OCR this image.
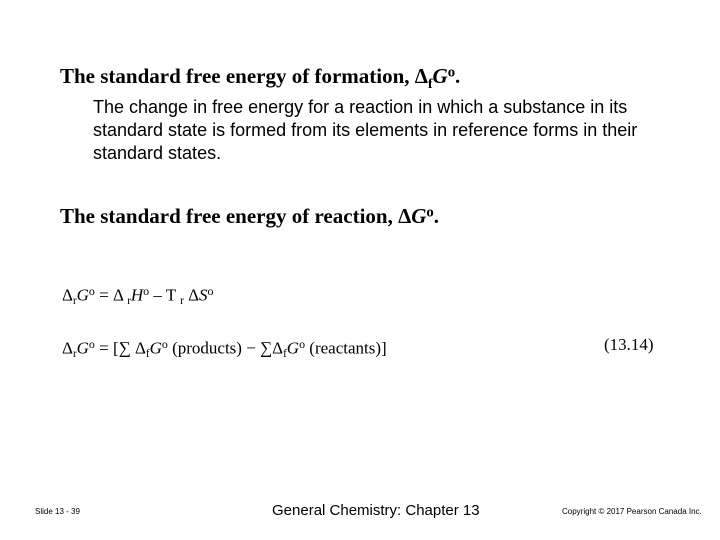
The standard free energy of formation, $\Delta_fG^o$.
The change in free energy for a reaction in which a substance in its standard state is formed from its elements in reference forms in their standard states.
The standard free energy of reaction, $\Delta G^o$.
$\Delta_rG^o = \Delta$ $_rH^o$ – T $_r$ $\Delta S^o$
$\Delta_rG^o$ = [∑ $\Delta_fG^o$ (products) − $\sum\Delta_fG^o$ (reactants)]	(13.14)
Slide 13 - 39	General Chemistry: Chapter 13	Copyright © 2017 Pearson Canada Inc.
